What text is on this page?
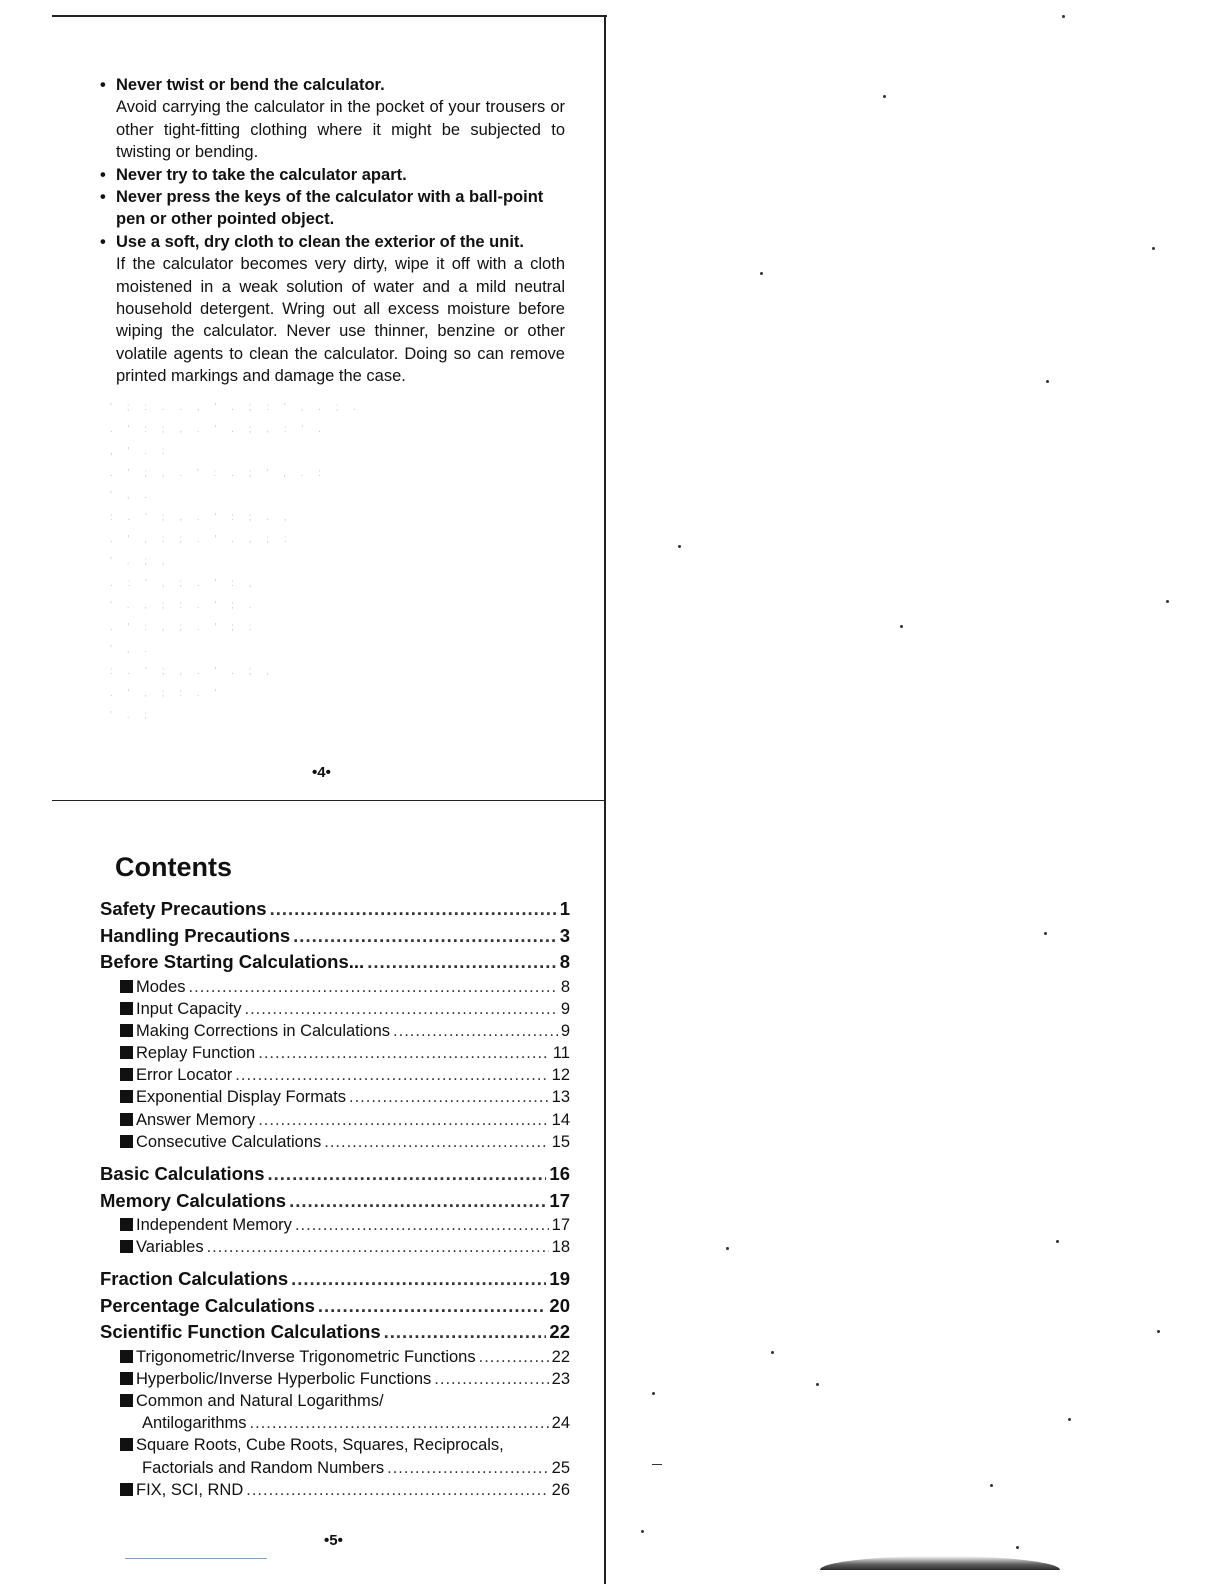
• Never twist or bend the calculator.
Avoid carrying the calculator in the pocket of your trousers or other tight-fitting clothing where it might be subjected to twisting or bending.
• Never try to take the calculator apart.
• Never press the keys of the calculator with a ball-point pen or other pointed object.
• Use a soft, dry cloth to clean the exterior of the unit.
If the calculator becomes very dirty, wipe it off with a cloth moistened in a weak solution of water and a mild neutral household detergent. Wring out all excess moisture before wiping the calculator. Never use thinner, benzine or other volatile agents to clean the calculator. Doing so can remove printed markings and damage the case.
' ; : . . , ' . ; : ' , . ; .
. ' : ; , . ' . ; , : ' .
, ' . :
. ' ; , . ' : . ; ' , . :
' , .
: . ' ; , . ' : ; . ,
. ' , : ; . ' . , ; :
' . ; ,
. : ' , ; . ' : ,
' . , ; : . ' ; .
. ' : , ; . ' ; :
' , .
: . ' ; , . ' . ; ,
. ' , ; : . '
' . ;
•4•
Contents
Safety Precautions .....	1
Handling Precautions .....	3
Before Starting Calculations... .....	8
Modes .....	8
Input Capacity .....	9
Making Corrections in Calculations .....	9
Replay Function .....	11
Error Locator .....	12
Exponential Display Formats .....	13
Answer Memory .....	14
Consecutive Calculations .....	15
Basic Calculations .....	16
Memory Calculations .....	17
Independent Memory .....	17
Variables .....	18
Fraction Calculations .....	19
Percentage Calculations .....	20
Scientific Function Calculations .....	22
Trigonometric/Inverse Trigonometric Functions .....	22
Hyperbolic/Inverse Hyperbolic Functions .....	23
Common and Natural Logarithms/
Antilogarithms .....	24
Square Roots, Cube Roots, Squares, Reciprocals,
Factorials and Random Numbers .....	25
FIX, SCI, RND .....	26
•5•
